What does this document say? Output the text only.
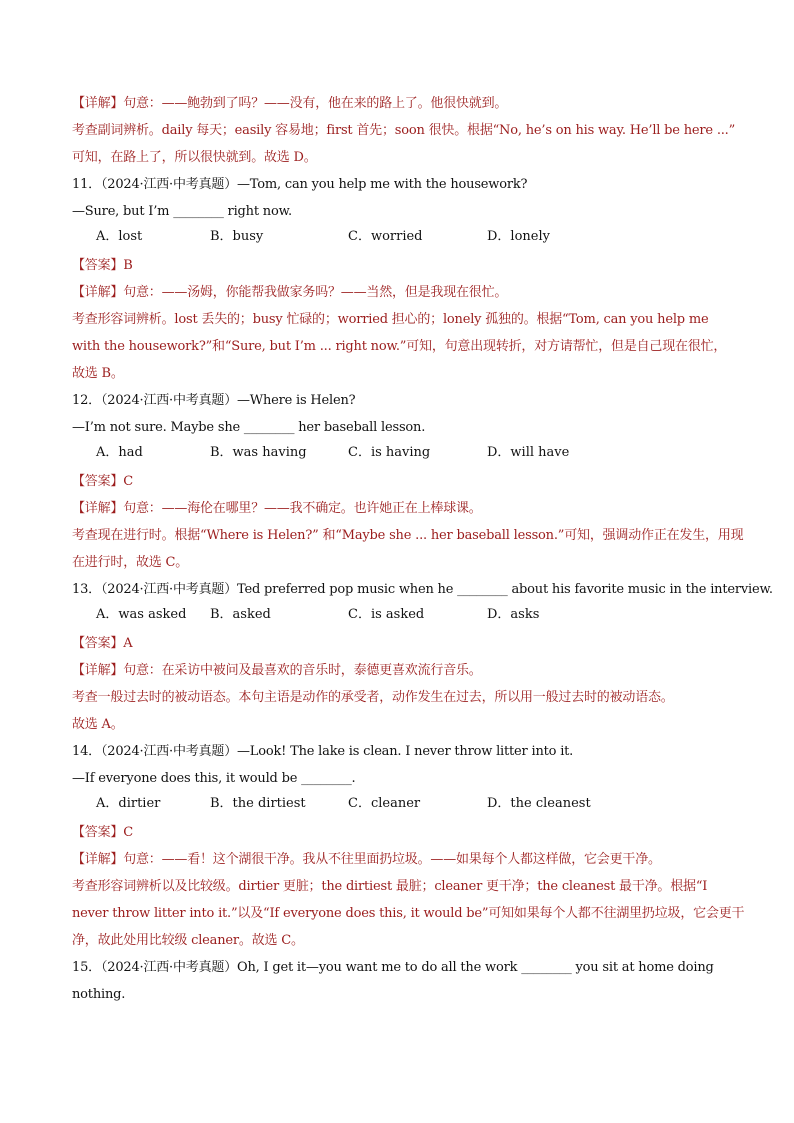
【详解】句意：——鲍勃到了吗？——没有，他在来的路上了。他很快就到。
考查副词辨析。daily 每天；easily 容易地；first 首先；soon 很快。根据“No, he’s on his way. He’ll be here ...”
可知，在路上了，所以很快就到。故选 D。
11．（2024·江西·中考真题）—Tom, can you help me with the housework?
—Sure, but I’m ________ right now.
A．lost	B．busy	C．worried	D．lonely
【答案】B
【详解】句意：——汤姆，你能帮我做家务吗？——当然，但是我现在很忙。
考查形容词辨析。lost 丢失的；busy 忙碌的；worried 担心的；lonely 孤独的。根据“Tom, can you help me
with the housework?”和“Sure, but I’m ... right now.”可知，句意出现转折，对方请帮忙，但是自己现在很忙，
故选 B。
12．（2024·江西·中考真题）—Where is Helen?
—I’m not sure. Maybe she ________ her baseball lesson.
A．had	B．was having	C．is having	D．will have
【答案】C
【详解】句意：——海伦在哪里？——我不确定。也许她正在上棒球课。
考查现在进行时。根据“Where is Helen?” 和“Maybe she ... her baseball lesson.”可知，强调动作正在发生，用现
在进行时，故选 C。
13．（2024·江西·中考真题）Ted preferred pop music when he ________ about his favorite music in the interview.
A．was asked B．asked	C．is asked	D．asks
【答案】A
【详解】句意：在采访中被问及最喜欢的音乐时，泰德更喜欢流行音乐。
考查一般过去时的被动语态。本句主语是动作的承受者，动作发生在过去，所以用一般过去时的被动语态。
故选 A。
14．（2024·江西·中考真题）—Look! The lake is clean. I never throw litter into it.
—If everyone does this, it would be ________.
A．dirtier	B．the dirtiest	C．cleaner	D．the cleanest
【答案】C
【详解】句意：——看！这个湖很干净。我从不往里面扔垃圾。——如果每个人都这样做，它会更干净。
考查形容词辨析以及比较级。dirtier 更脏；the dirtiest 最脏；cleaner 更干净；the cleanest 最干净。根据“I
never throw litter into it.”以及“If everyone does this, it would be”可知如果每个人都不往湖里扔垃圾，它会更干
净，故此处用比较级 cleaner。故选 C。
15．（2024·江西·中考真题）Oh, I get it—you want me to do all the work ________ you sit at home doing
nothing.
